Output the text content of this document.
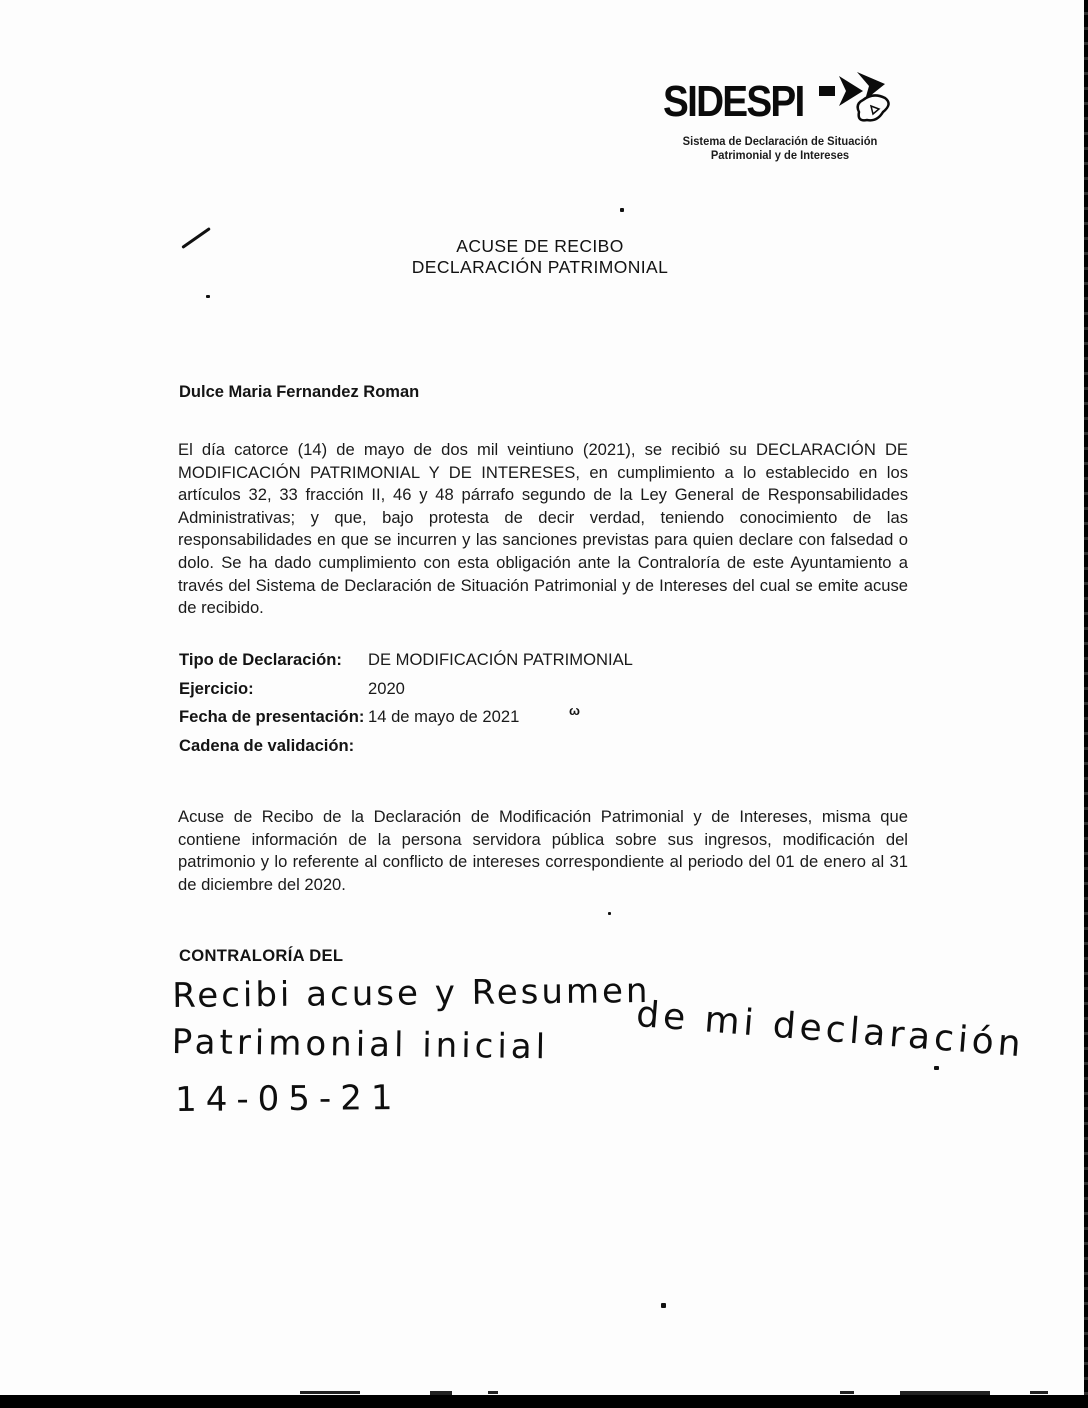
SIDESPI
Sistema de Declaración de Situación
Patrimonial y de Intereses
ACUSE DE RECIBO
DECLARACIÓN PATRIMONIAL
Dulce Maria Fernandez Roman
El día catorce (14) de mayo de dos mil veintiuno (2021), se recibió su DECLARACIÓN DE MODIFICACIÓN PATRIMONIAL Y DE INTERESES, en cumplimiento a lo establecido en los artículos 32, 33 fracción II, 46 y 48 párrafo segundo de la Ley General de Responsabilidades Administrativas; y que, bajo protesta de decir verdad, teniendo conocimiento de las responsabilidades en que se incurren y las sanciones previstas para quien declare con falsedad o dolo. Se ha dado cumplimiento con esta obligación ante la Contraloría de este Ayuntamiento a través del Sistema de Declaración de Situación Patrimonial y de Intereses del cual se emite acuse de recibido.
Tipo de Declaración:	DE MODIFICACIÓN PATRIMONIAL
Ejercicio:	2020
Fecha de presentación: 14 de mayo de 2021
Cadena de validación:
ω
Acuse de Recibo de la Declaración de Modificación Patrimonial y de Intereses, misma que contiene información de la persona servidora pública sobre sus ingresos, modificación del patrimonio y lo referente al conflicto de intereses correspondiente al periodo del 01 de enero al 31 de diciembre del 2020.
CONTRALORÍA DEL
Recibi acuse y Resumen
de mi declaración
Patrimonial inicial
14-05-21
